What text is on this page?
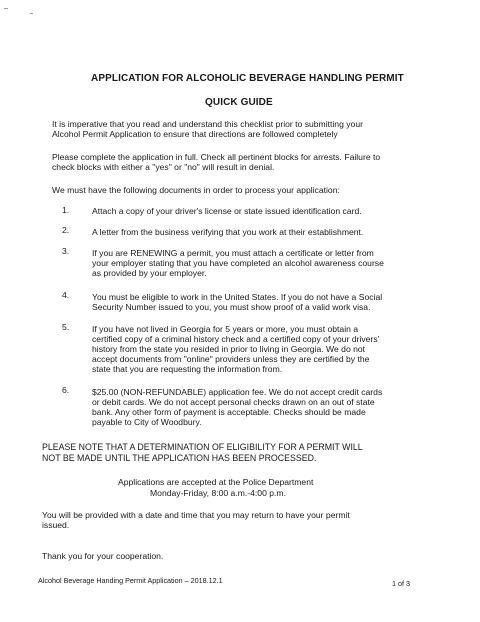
APPLICATION FOR ALCOHOLIC BEVERAGE HANDLING PERMIT
QUICK GUIDE
It is imperative that you read and understand this checklist prior to submitting your
Alcohol Permit Application to ensure that directions are followed completely
Please complete the application in full. Check all pertinent blocks for arrests. Failure to
check blocks with either a "yes" or "no" will result in denial.
We must have the following documents in order to process your application:
1.	Attach a copy of your driver's license or state issued identification card.
2.	A letter from the business verifying that you work at their establishment.
3.	If you are RENEWING a permit, you must attach a certificate or letter from
your employer stating that you have completed an alcohol awareness course
as provided by your employer.
4.	You must be eligible to work in the United States. If you do not have a Social
Security Number issued to you, you must show proof of a valid work visa.
5.	If you have not lived in Georgia for 5 years or more, you must obtain a
certified copy of a criminal history check and a certified copy of your drivers'
history from the state you resided in prior to living in Georgia. We do not
accept documents from "online" providers unless they are certified by the
state that you are requesting the information from.
6.	$25.00 (NON-REFUNDABLE) application fee. We do not accept credit cards
or debit cards. We do not accept personal checks drawn on an out of state
bank. Any other form of payment is acceptable. Checks should be made
payable to City of Woodbury.
PLEASE NOTE THAT A DETERMINATION OF ELIGIBILITY FOR A PERMIT WILL
NOT BE MADE UNTIL THE APPLICATION HAS BEEN PROCESSED.
Applications are accepted at the Police Department
Monday-Friday, 8:00 a.m.-4:00 p.m.
You will be provided with a date and time that you may return to have your permit
issued.
Thank you for your cooperation.
Alcohol Beverage Handing Permit Application – 2018.12.1	1 of 3
